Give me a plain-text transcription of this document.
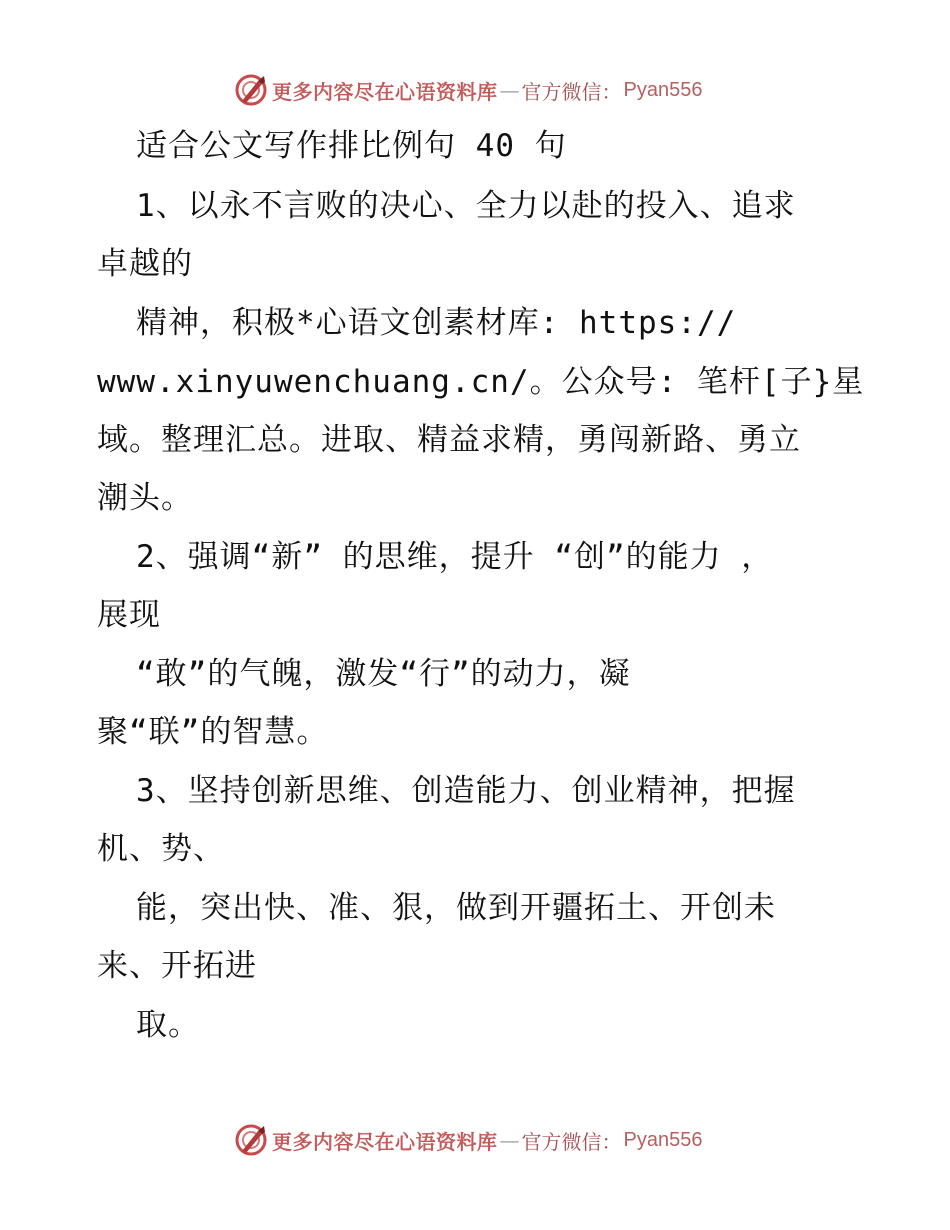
更多内容尽在心语资料库 — 官方微信 ： Pyan556
适合公文写作排比例句 40 句
1、以永不言败的决心、全力以赴的投入、追求
卓越的
精神，积极*心语文创素材库: https://
www.xinyuwenchuang.cn/。公众号: 笔杆[子}星
域。整理汇总。进取、精益求精，勇闯新路、勇立
潮头。
2、强调“新” 的思维，提升 “创”的能力 ，
展现
“敢”的气魄，激发“行”的动力，凝
聚“联”的智慧。
3、坚持创新思维、创造能力、创业精神，把握
机、势、
能，突出快、准、狠，做到开疆拓土、开创未
来、开拓进
取。
更多内容尽在心语资料库 — 官方微信 ： Pyan556
